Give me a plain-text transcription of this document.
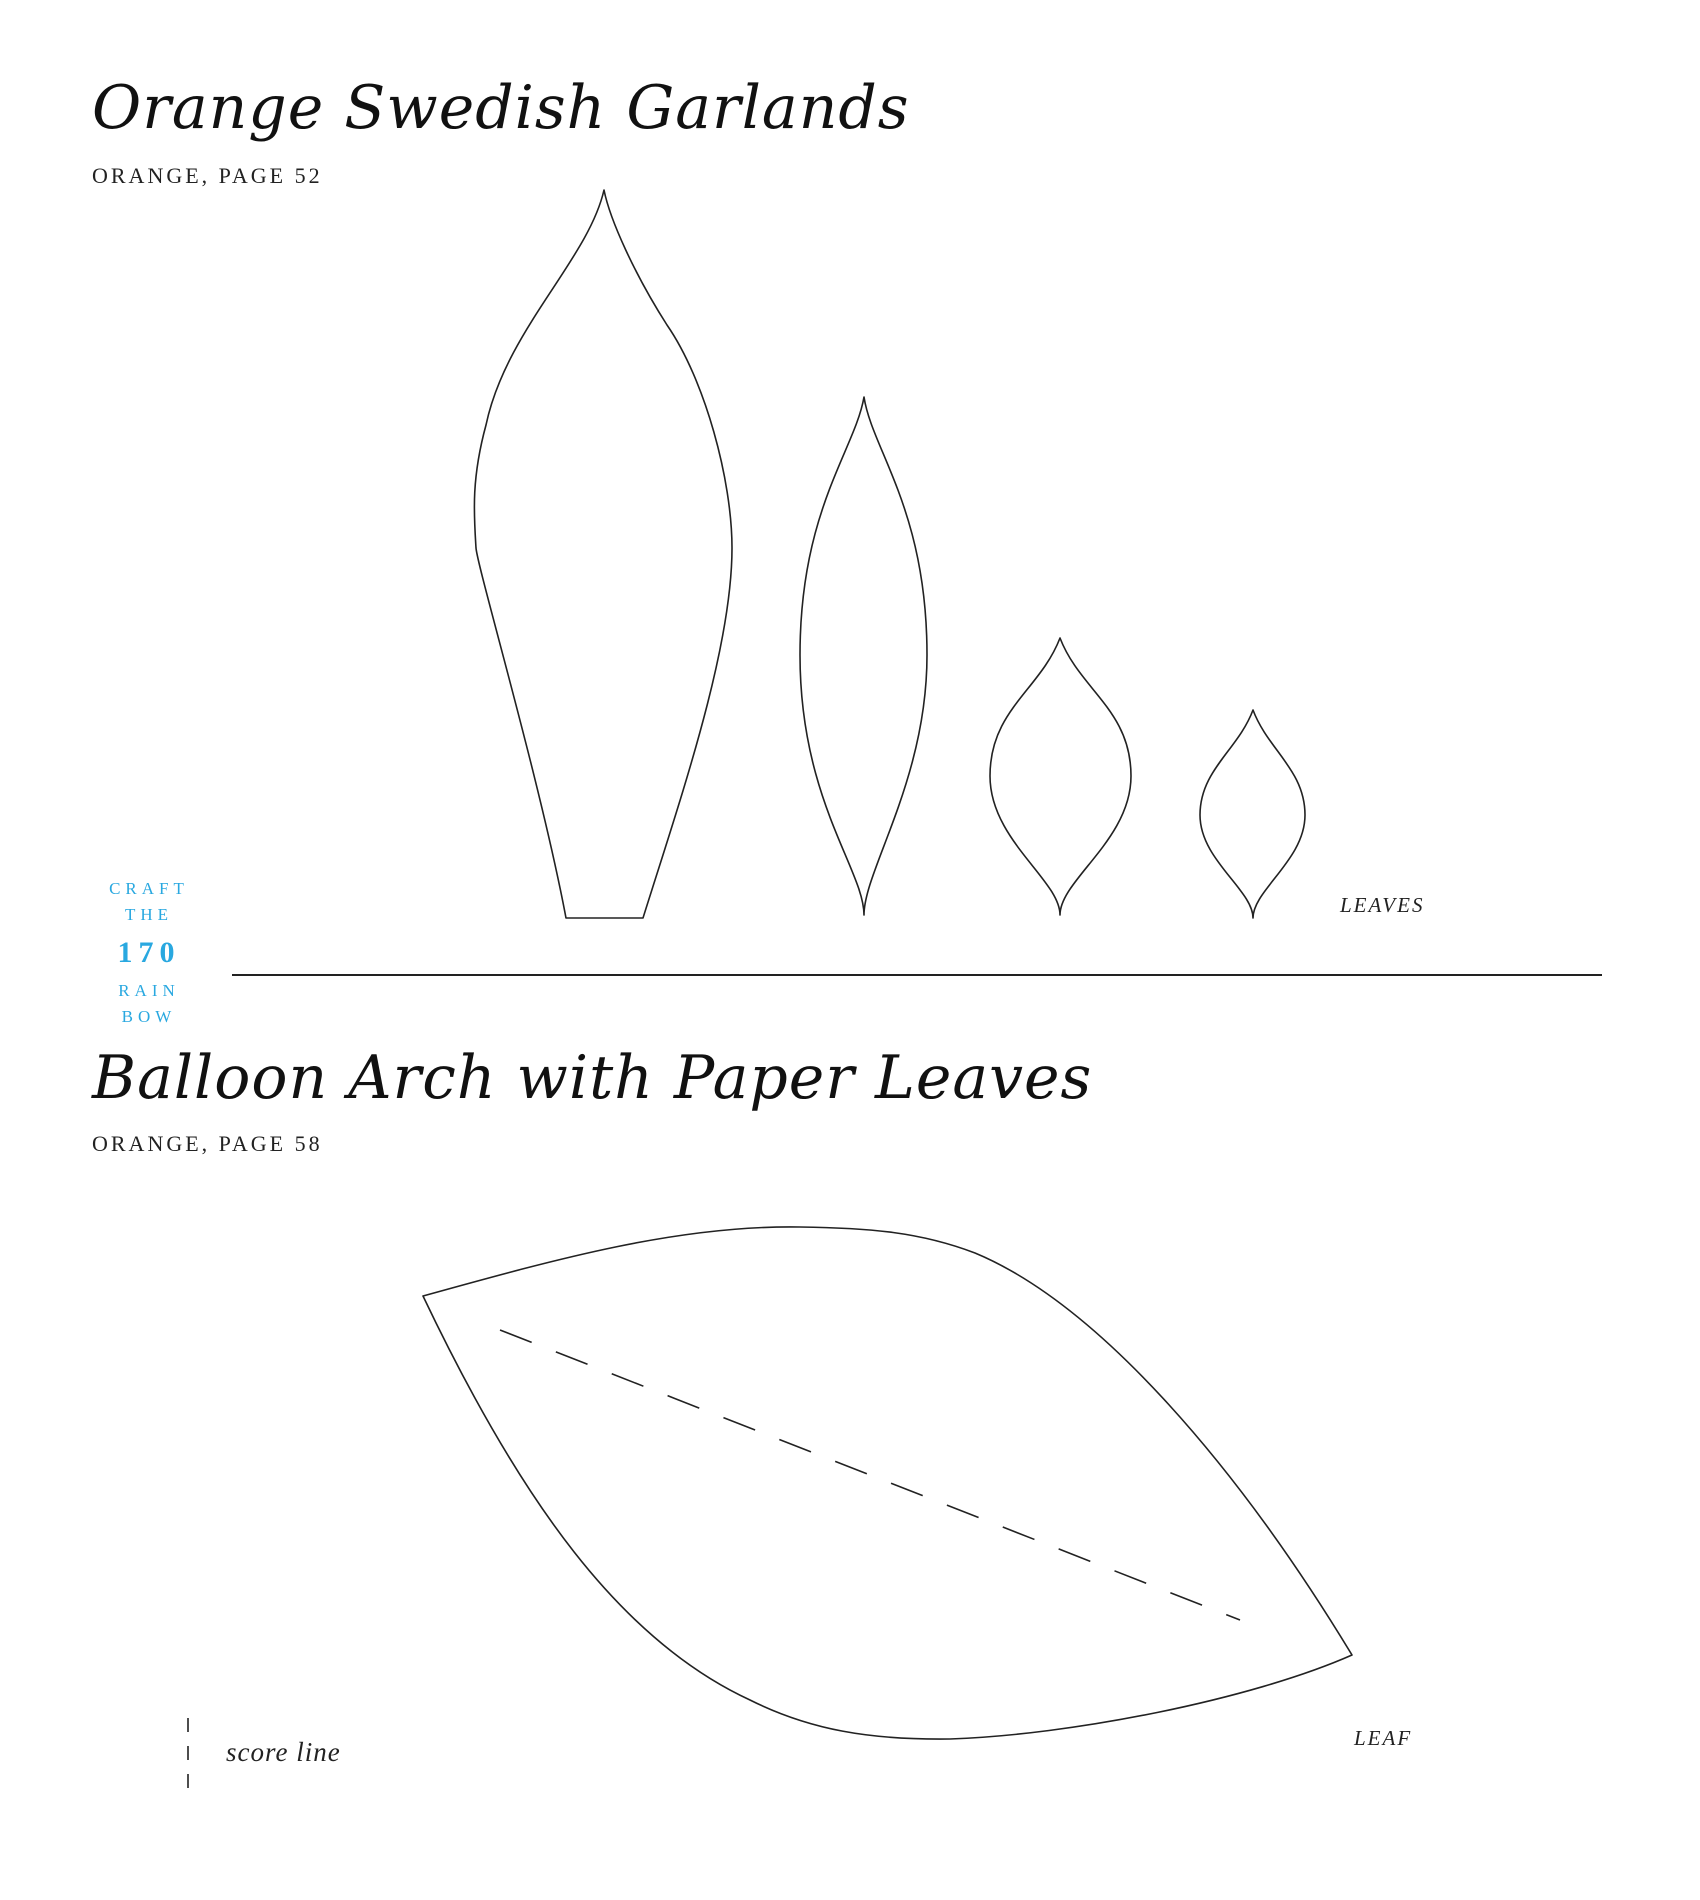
Orange Swedish Garlands
ORANGE, PAGE 52
CRAFT
THE
170
RAIN
BOW
LEAVES
Balloon Arch with Paper Leaves
ORANGE, PAGE 58
LEAF
score line
